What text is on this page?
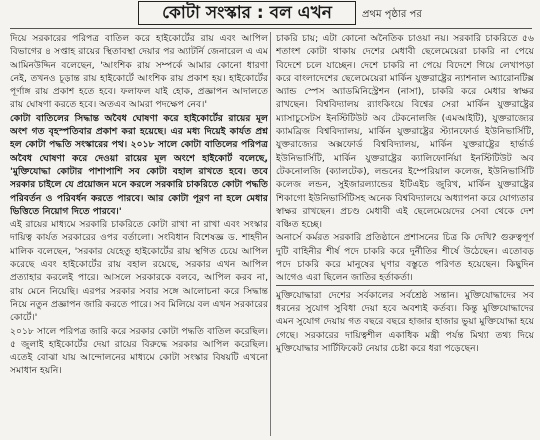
কোটা সংস্কার : বল এখন	প্রথম পৃষ্ঠার পর

দিয়ে সরকারের পরিপত্র বাতিল করে হাইকোর্টের রায় এবং আপিল বিভাগের ৪ সপ্তাহ রায়ের স্থিতাবস্থা দেয়ার পর অ্যাটর্নি জেনারেল এ এম আমিনউদ্দিন বলেছেন, 'আংশিক রায় সম্পর্কে আমার কোনো ধারণা নেই, তখনও চূড়ান্ত রায় হাইকোর্টে আংশিক রায় প্রকাশ হয়। হাইকোর্টের পূর্ণাঙ্গ রায় প্রকাশ হতে হবে। ফলাফল যাই হোক, প্রজ্ঞাপন আদালতে রায় ঘোষণা করতে হবে। অতএব আমরা পদক্ষেপ নেব।'

কোটা বাতিলের সিদ্ধান্ত অবৈধ ঘোষণা করে হাইকোর্টের রায়ের মূল অংশ গত বৃহস্পতিবার প্রকাশ করা হয়েছে। এর মধ্য দিয়েই কার্যত প্রশ্ন হল কোটা পদ্ধতি সংস্কারের পথ। ২০১৮ সালে কোটা বাতিলের পরিপত্র অবৈধ ঘোষণা করে দেওয়া রায়ের মূল অংশে হাইকোর্ট বলেছে, 'মুক্তিযোদ্ধা কোটার পাশাপাশি সব কোটা বহাল রাখতে হবে। তবে সরকার চাইলে যে প্রয়োজন মনে করলে সরকারি চাকরিতে কোটা পদ্ধতি পরিবর্তন ও পরিবর্ধন করতে পারবে। আর কোটা পূরণ না হলে মেধার ভিত্তিতে নিয়োগ দিতে পারবে।'

এই রায়ের মাধ্যমে সরকারি চাকরিতে কোটা রাখা না রাখা এবং সংস্কার দায়িত্ব কার্যত সরকারের ওপর বর্তালো। সংবিধান বিশেষজ্ঞ ড. শাহদীন মালিক বলেছেন, 'সরকার যেহেতু হাইকোর্টের রায় স্থগিত চেয়ে আপিল করেছে এবং হাইকোর্টের রায় বহাল রয়েছে, সরকার এখন আপিল প্রত্যাহার করলেই পারে। আসলে সরকারকে বলবে, আপিল করব না, রায় মেনে নিয়েছি। এরপর সরকার সবার সঙ্গে আলোচনা করে সিদ্ধান্ত নিয়ে নতুন প্রজ্ঞাপন জারি করতে পারে। সব মিলিয়ে বল এখন সরকারের কোর্টে।'

২০১৮ সালে পরিপত্র জারি করে সরকার কোটা পদ্ধতি বাতিল করেছিল। ৫ জুলাই হাইকোর্টের দেয়া রায়ের বিরুদ্ধে সরকার আপিল করেছিল। এতেই বোঝা যায় আন্দোলনের মাধ্যমে কোটা সংস্কার বিষয়টি এখনো সমাধান হয়নি।

চাকরি চায়; এটা কোনো অনৈতিক চাওয়া নয়। সরকারি চাকরিতে ৫৬ শতাংশ কোটা থাকায় দেশের মেধাবী ছেলেমেয়েরা চাকরি না পেয়ে বিদেশে চলে যাচ্ছেন। দেশে চাকরি না পেয়ে বিদেশে গিয়ে লেখাপড়া করে বাংলাদেশের ছেলেমেয়েরা মার্কিন যুক্তরাষ্ট্রের ন্যাশনাল অ্যারোনটিক্স অ্যান্ড স্পেস অ্যাডমিনিস্ট্রেশন (নাসা), চাকরি করে মেধার স্বাক্ষর রাখছেন। বিশ্ববিদ্যালয় র‌্যাংকিংয়ে বিশ্বের সেরা মার্কিন যুক্তরাষ্ট্রের ম্যাসাচুসেটস ইনস্টিটিউট অব টেকনোলজি (এমআইটি), যুক্তরাজ্যের ক্যামব্রিজ বিশ্ববিদ্যালয়, মার্কিন যুক্তরাষ্ট্রের স্ট্যানফোর্ড ইউনিভার্সিটি, যুক্তরাজ্যের অক্সফোর্ড বিশ্ববিদ্যালয়, মার্কিন যুক্তরাষ্ট্রের হার্ভার্ড ইউনিভার্সিটি, মার্কিন যুক্তরাষ্ট্রের ক্যালিফোর্নিয়া ইনস্টিটিউট অব টেকনোলজি (ক্যালটেক), লন্ডনের ইম্পেরিয়াল কলেজ, ইউনিভার্সিটি কলেজ লন্ডন, সুইজারল্যান্ডের ইটিএইচ জুরিখ, মার্কিন যুক্তরাষ্ট্রের শিকাগো ইউনিভার্সিটিসহ অনেক বিশ্ববিদ্যালয়ে অধ্যাপনা করে যোগ্যতার স্বাক্ষর রাখছেন। প্রচণ্ড মেধাবী এই ছেলেমেয়েদের সেবা থেকে দেশ বঞ্চিত হচ্ছে।

অনার্সে কর্মরত সরকারি প্রতিষ্ঠানে প্রশাসনের চিত্র কি দেখি? গুরুত্বপূর্ণ দুটি বাহিনীর শীর্ষ পদে চাকরি করে দুর্নীতির শীর্ষে উঠেছেন। এতোবড় পদে চাকরি করে মানুষের ঘৃণার বস্তুতে পরিণত হয়েছেন। কিছুদিন আগেও এরা ছিলেন জাতির হর্তাকর্তা।

মুক্তিযোদ্ধারা দেশের সর্বকালের সর্বশ্রেষ্ঠ সন্তান। মুক্তিযোদ্ধাদের সব ধরনের সুযোগ সুবিধা দেয়া হবে অবশ্যই কর্তব্য। কিন্তু মুক্তিযোদ্ধাদের এমন সুযোগ দেয়ায় গত বছরে বছরে হাজার হাজার ভুয়া মুক্তিযোদ্ধা হয়ে গেছে। সরকারের দায়িত্বশীল একাধিক মন্ত্রী পর্যন্ত মিথ্যা তথ্য দিয়ে মুক্তিযোদ্ধার সার্টিফিকেট নেয়ার চেষ্টা করে ধরা পড়েছেন।
